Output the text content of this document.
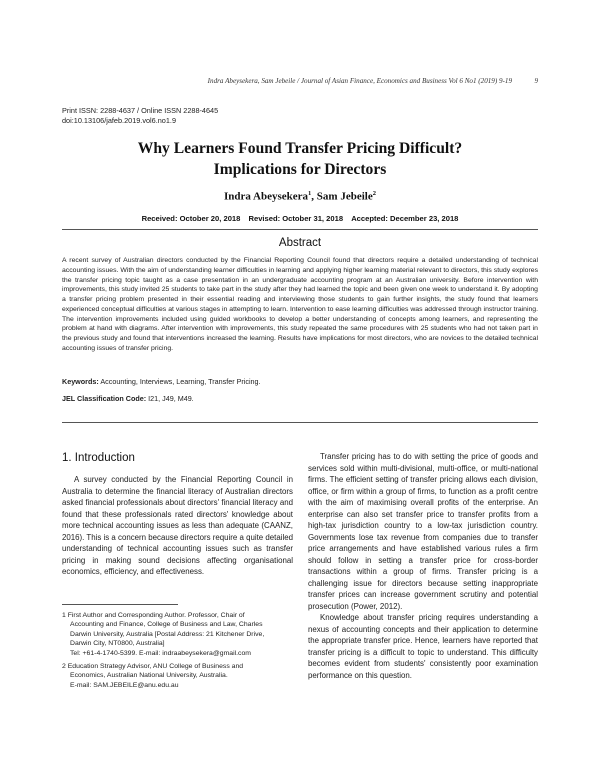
Indra Abeysekera, Sam Jebeile / Journal of Asian Finance, Economics and Business Vol 6 No1 (2019) 9-19	9
Print ISSN: 2288-4637 / Online ISSN 2288-4645
doi:10.13106/jafeb.2019.vol6.no1.9
Why Learners Found Transfer Pricing Difficult?
Implications for Directors
Indra Abeysekera$^1$, Sam Jebeile$^2$
Received: October 20, 2018 Revised: October 31, 2018 Accepted: December 23, 2018
Abstract
A recent survey of Australian directors conducted by the Financial Reporting Council found that directors require a detailed understanding of technical accounting issues. With the aim of understanding learner difficulties in learning and applying higher learning material relevant to directors, this study explores the transfer pricing topic taught as a case presentation in an undergraduate accounting program at an Australian university. Before intervention with improvements, this study invited 25 students to take part in the study after they had learned the topic and been given one week to understand it. By adopting a transfer pricing problem presented in their essential reading and interviewing those students to gain further insights, the study found that learners experienced conceptual difficulties at various stages in attempting to learn. Intervention to ease learning difficulties was addressed through instructor training. The intervention improvements included using guided workbooks to develop a better understanding of concepts among learners, and representing the problem at hand with diagrams. After intervention with improvements, this study repeated the same procedures with 25 students who had not taken part in the previous study and found that interventions increased the learning. Results have implications for most directors, who are novices to the detailed technical accounting issues of transfer pricing.
Keywords: Accounting, Interviews, Learning, Transfer Pricing.
JEL Classification Code: I21, J49, M49.
1. Introduction

A survey conducted by the Financial Reporting Council in Australia to determine the financial literacy of Australian directors asked financial professionals about directors' financial literacy and found that these professionals rated directors' knowledge about more technical accounting issues as less than adequate (CAANZ, 2016). This is a concern because directors require a quite detailed understanding of technical accounting issues such as transfer pricing in making sound decisions affecting organisational economics, efficiency, and effectiveness.

Transfer pricing has to do with setting the price of goods and services sold within multi-divisional, multi-office, or multi-national firms. The efficient setting of transfer pricing allows each division, office, or firm within a group of firms, to function as a profit centre with the aim of maximising overall profits of the enterprise. An enterprise can also set transfer price to transfer profits from a high-tax jurisdiction country to a low-tax jurisdiction country. Governments lose tax revenue from companies due to transfer price arrangements and have established various rules a firm should follow in setting a transfer price for cross-border transactions within a group of firms. Transfer pricing is a challenging issue for directors because setting inappropriate transfer prices can increase government scrutiny and potential prosecution (Power, 2012).

Knowledge about transfer pricing requires understanding a nexus of accounting concepts and their application to determine the appropriate transfer price. Hence, learners have reported that transfer pricing is a difficult to topic to understand. This difficulty becomes evident from students' consistently poor examination performance on this question.

1 First Author and Corresponding Author. Professor, Chair of
Accounting and Finance, College of Business and Law, Charles
Darwin University, Australia [Postal Address: 21 Kitchener Drive,
Darwin City, NT0800, Australia]
Tel: +61-4-1740-5399. E-mail: indraabeysekera@gmail.com
2 Education Strategy Advisor, ANU College of Business and
Economics, Australian National University, Australia.
E-mail: SAM.JEBEILE@anu.edu.au
